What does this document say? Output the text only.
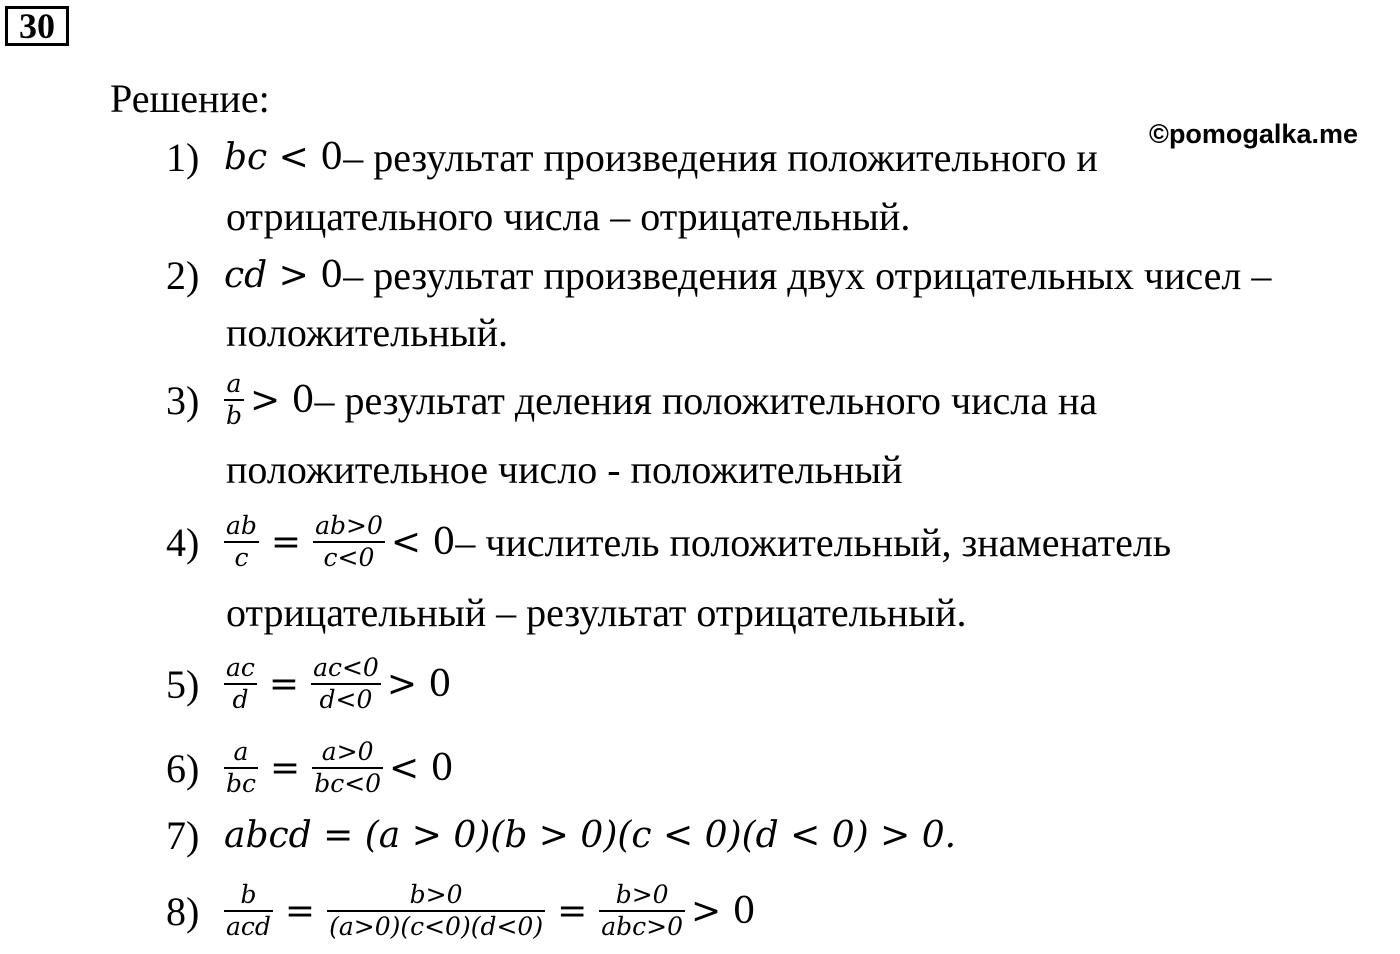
30
Решение:
1) bc < 0 – результат произведения положительного и
отрицательного числа – отрицательный.
©pomogalka.me
2) cd > 0 – результат произведения двух отрицательных чисел –
положительный.
$3) \frac{a}{b} > 0$ – результат деления положительного числа на
положительное число - положительный
$4) \frac{ab}{c} = \frac{ab>0}{c<0} < 0$ – числитель положительный, знаменатель
отрицательный – результат отрицательный.
$5) \frac{ac}{d} = \frac{ac<0}{d<0} > 0$
$6) \frac{a}{bc} = \frac{a>0}{bc<0} < 0$
7) abcd = (a > 0)(b > 0)(c < 0)(d < 0) > 0.
$8) \frac{b}{\text{acd}} = \frac{b>0}{(a>0)(c<0)(d<0)} = \frac{b>0}{\text{abc>0}} > 0$
